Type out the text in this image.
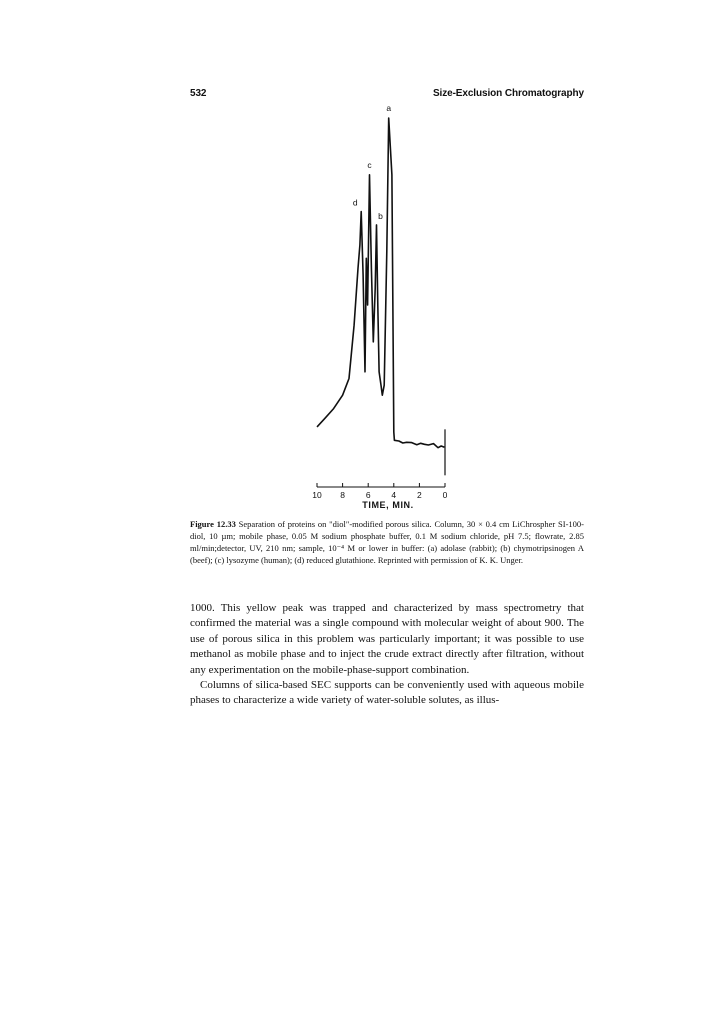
532	Size-Exclusion Chromatography
10 8 6 4 2 0
a
b
c
d
TIME, MIN.

Figure 12.33 Separation of proteins on "diol"-modified porous silica. Column, 30 × 0.4 cm LiChrospher SI-100-diol, 10 µm; mobile phase, 0.05 M sodium phosphate buffer, 0.1 M sodium chloride, pH 7.5; flowrate, 2.85 ml/min;detector, UV, 210 nm; sample, 10⁻⁴ M or lower in buffer: (a) adolase (rabbit); (b) chymotripsinogen A (beef); (c) lysozyme (human); (d) reduced glutathione. Reprinted with permission of K. K. Unger.

1000. This yellow peak was trapped and characterized by mass spectrometry that confirmed the material was a single compound with molecular weight of about 900. The use of porous silica in this problem was particularly important; it was possible to use methanol as mobile phase and to inject the crude extract directly after filtration, without any experimentation on the mobile-phase-support combination.

Columns of silica-based SEC supports can be conveniently used with aqueous mobile phases to characterize a wide variety of water-soluble solutes, as illus-
